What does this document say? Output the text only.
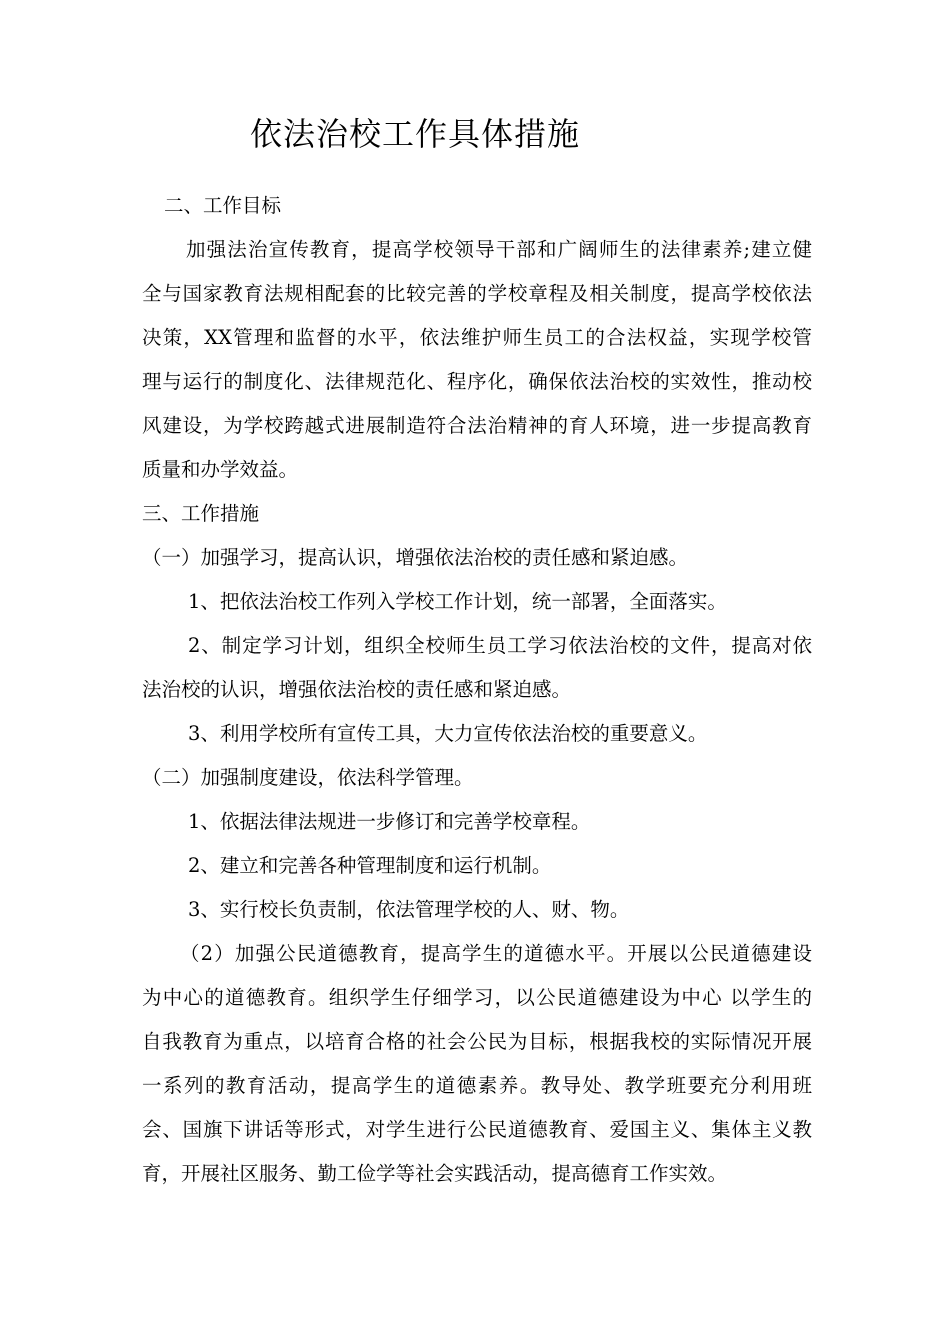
依法治校工作具体措施
二、工作目标
加强法治宣传教育，提高学校领导干部和广阔师生的法律素养;建立健
全与国家教育法规相配套的比较完善的学校章程及相关制度，提高学校依法
决策，XX管理和监督的水平，依法维护师生员工的合法权益，实现学校管
理与运行的制度化、法律规范化、程序化，确保依法治校的实效性，推动校
风建设，为学校跨越式进展制造符合法治精神的育人环境，进一步提高教育
质量和办学效益。
三、工作措施
（一）加强学习，提高认识，增强依法治校的责任感和紧迫感。
1、把依法治校工作列入学校工作计划，统一部署，全面落实。
2、制定学习计划，组织全校师生员工学习依法治校的文件，提高对依
法治校的认识，增强依法治校的责任感和紧迫感。
3、利用学校所有宣传工具，大力宣传依法治校的重要意义。
（二）加强制度建设，依法科学管理。
1、依据法律法规进一步修订和完善学校章程。
2、建立和完善各种管理制度和运行机制。
3、实行校长负责制，依法管理学校的人、财、物。
（2）加强公民道德教育，提高学生的道德水平。开展以公民道德建设
为中心的道德教育。组织学生仔细学习，以公民道德建设为中心 以学生的
自我教育为重点，以培育合格的社会公民为目标，根据我校的实际情况开展
一系列的教育活动，提高学生的道德素养。教导处、教学班要充分利用班
会、国旗下讲话等形式，对学生进行公民道德教育、爱国主义、集体主义教
育，开展社区服务、勤工俭学等社会实践活动，提高德育工作实效。
